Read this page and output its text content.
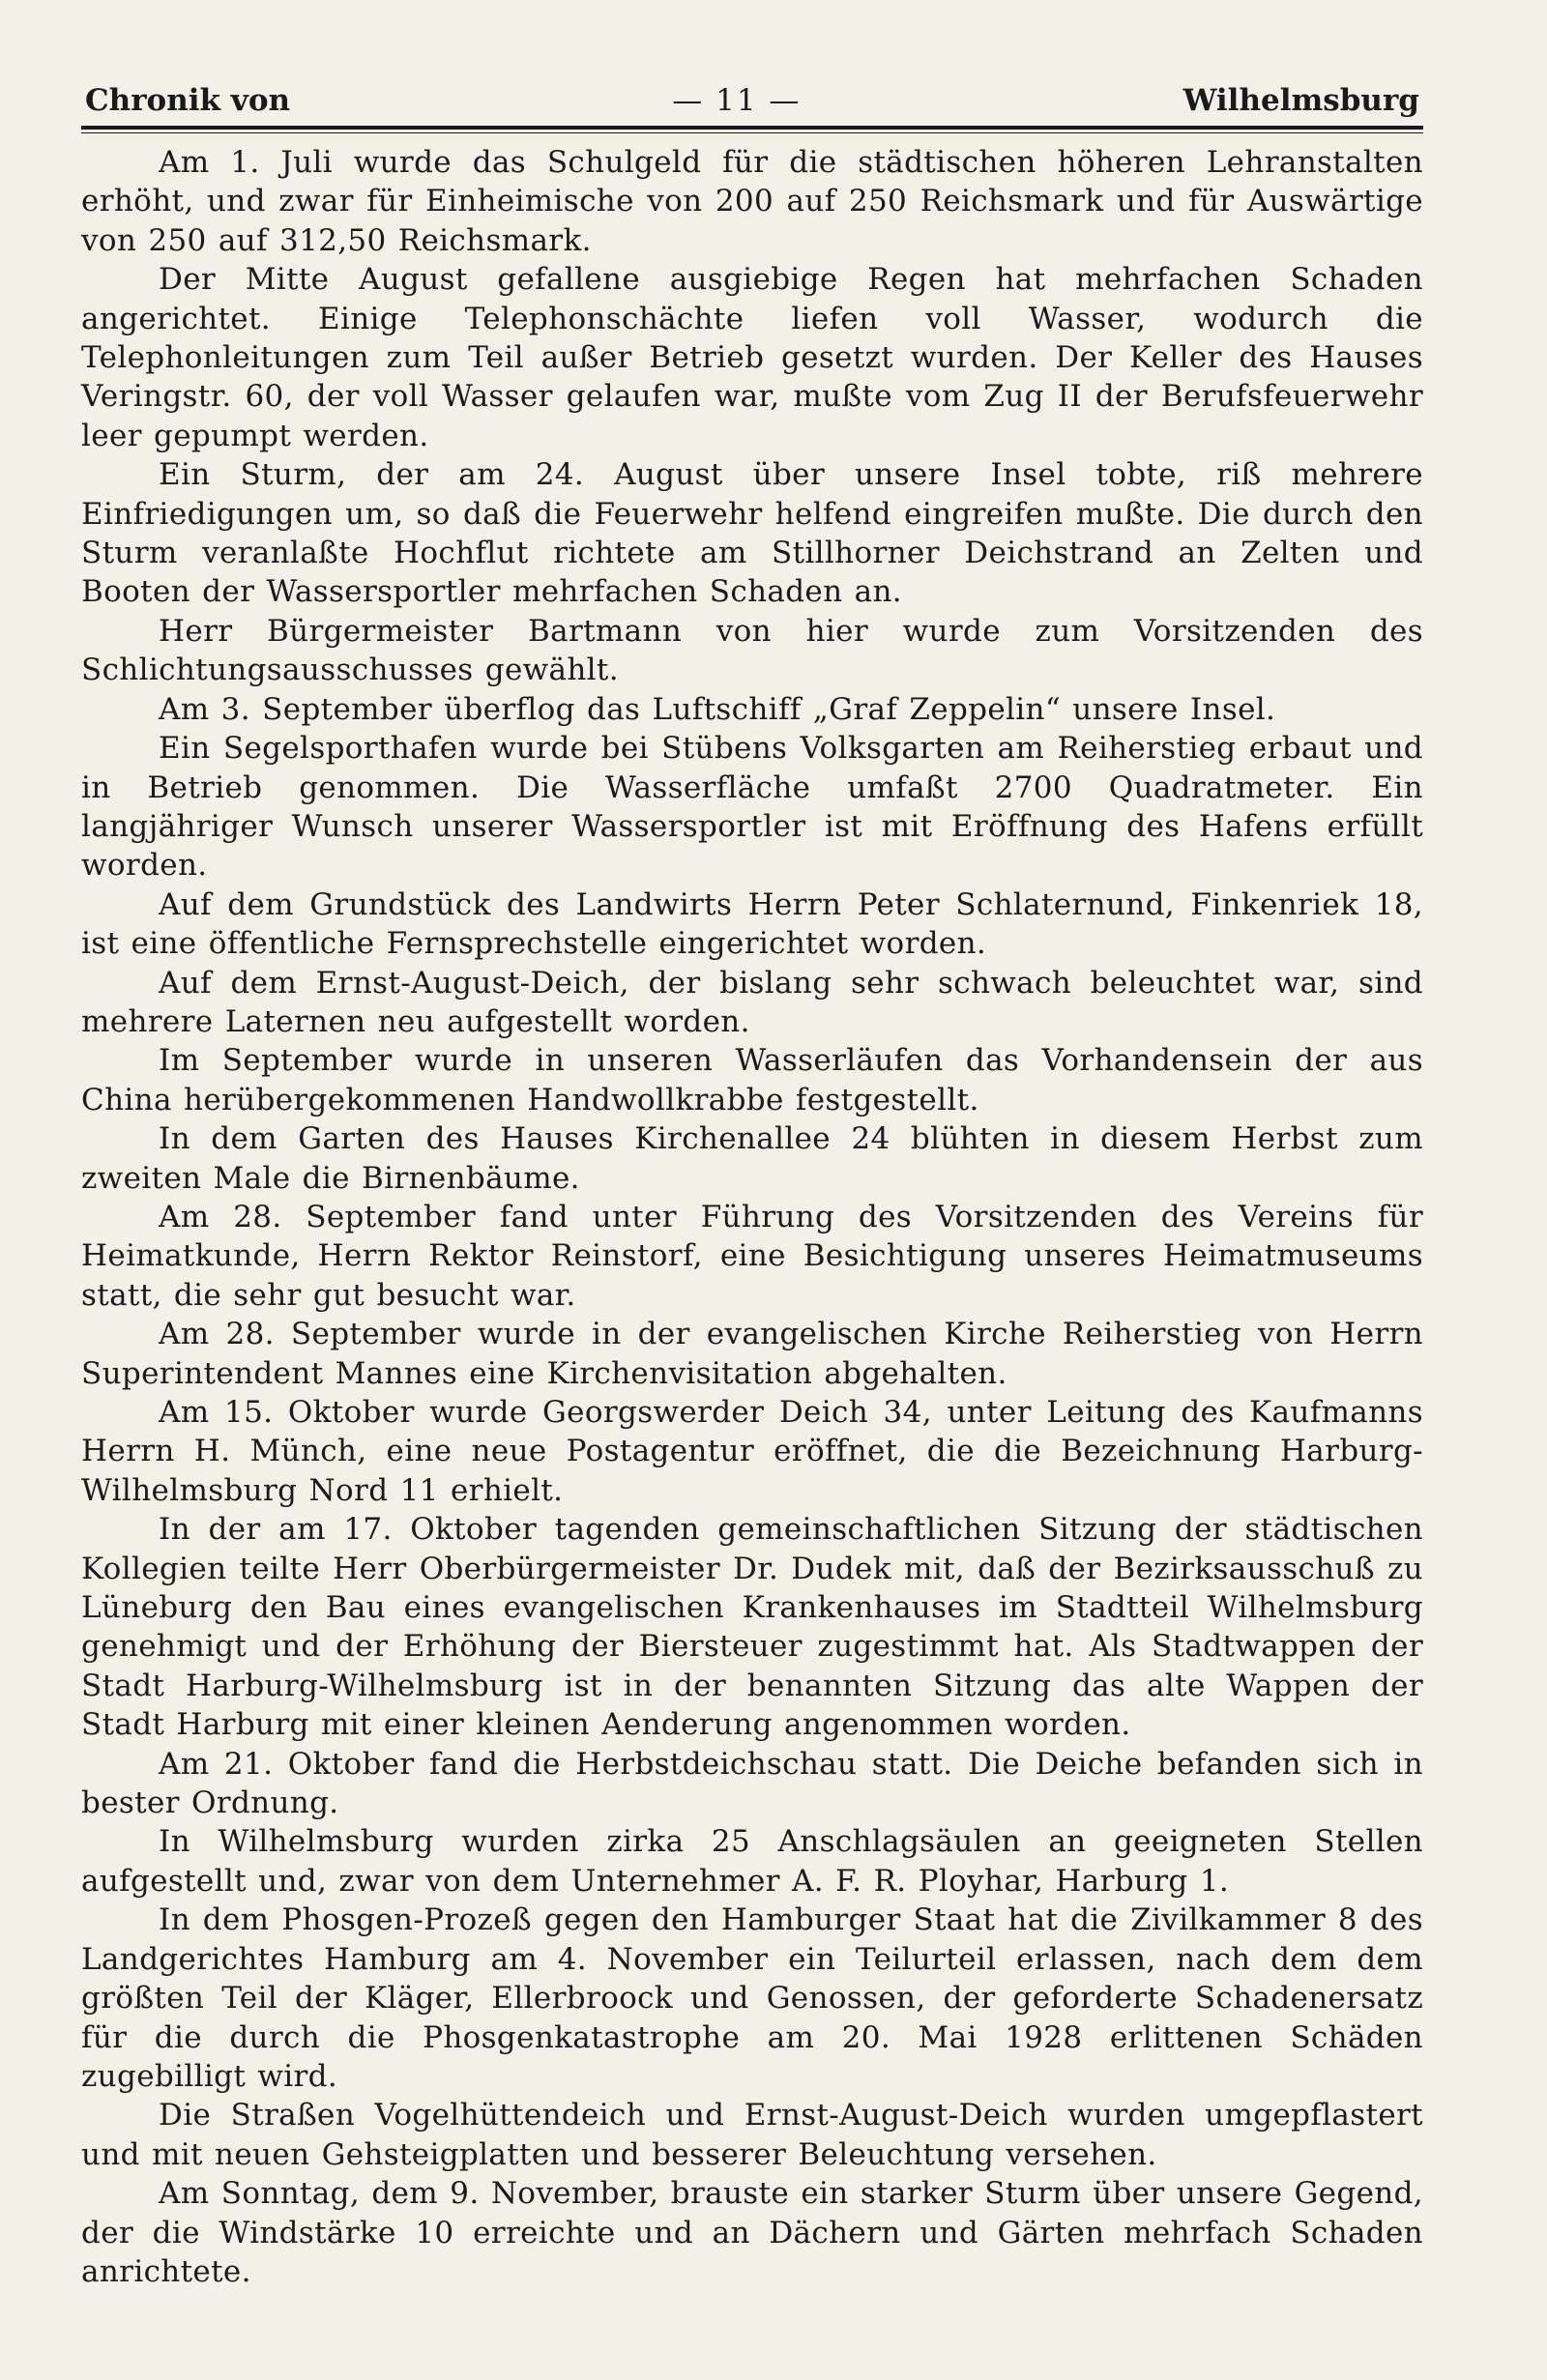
Chronik von	— 11 —	Wilhelmsburg

Am 1. Juli wurde das Schulgeld für die städtischen höheren Lehranstalten erhöht, und zwar für Einheimische von 200 auf 250 Reichsmark und für Auswärtige von 250 auf 312,50 Reichsmark.

Der Mitte August gefallene ausgiebige Regen hat mehrfachen Schaden angerichtet. Einige Telephonschächte liefen voll Wasser, wodurch die Telephonleitungen zum Teil außer Betrieb gesetzt wurden. Der Keller des Hauses Veringstr. 60, der voll Wasser gelaufen war, mußte vom Zug II der Berufsfeuerwehr leer gepumpt werden.

Ein Sturm, der am 24. August über unsere Insel tobte, riß mehrere Einfriedigungen um, so daß die Feuerwehr helfend eingreifen mußte. Die durch den Sturm veranlaßte Hochflut richtete am Stillhorner Deichstrand an Zelten und Booten der Wassersportler mehrfachen Schaden an.

Herr Bürgermeister Bartmann von hier wurde zum Vorsitzenden des Schlichtungsausschusses gewählt.

Am 3. September überflog das Luftschiff „Graf Zeppelin“ unsere Insel.

Ein Segelsporthafen wurde bei Stübens Volksgarten am Reiherstieg erbaut und in Betrieb genommen. Die Wasserfläche umfaßt 2700 Quadratmeter. Ein langjähriger Wunsch unserer Wassersportler ist mit Eröffnung des Hafens erfüllt worden.

Auf dem Grundstück des Landwirts Herrn Peter Schlaternund, Finkenriek 18, ist eine öffentliche Fernsprechstelle eingerichtet worden.

Auf dem Ernst-August-Deich, der bislang sehr schwach beleuchtet war, sind mehrere Laternen neu aufgestellt worden.

Im September wurde in unseren Wasserläufen das Vorhandensein der aus China herübergekommenen Handwollkrabbe festgestellt.

In dem Garten des Hauses Kirchenallee 24 blühten in diesem Herbst zum zweiten Male die Birnenbäume.

Am 28. September fand unter Führung des Vorsitzenden des Vereins für Heimatkunde, Herrn Rektor Reinstorf, eine Besichtigung unseres Heimatmuseums statt, die sehr gut besucht war.

Am 28. September wurde in der evangelischen Kirche Reiherstieg von Herrn Superintendent Mannes eine Kirchenvisitation abgehalten.

Am 15. Oktober wurde Georgswerder Deich 34, unter Leitung des Kaufmanns Herrn H. Münch, eine neue Postagentur eröffnet, die die Bezeichnung Harburg-Wilhelmsburg Nord 11 erhielt.

In der am 17. Oktober tagenden gemeinschaftlichen Sitzung der städtischen Kollegien teilte Herr Oberbürgermeister Dr. Dudek mit, daß der Bezirksausschuß zu Lüneburg den Bau eines evangelischen Krankenhauses im Stadtteil Wilhelmsburg genehmigt und der Erhöhung der Biersteuer zugestimmt hat. Als Stadtwappen der Stadt Harburg-Wilhelmsburg ist in der benannten Sitzung das alte Wappen der Stadt Harburg mit einer kleinen Aenderung angenommen worden.

Am 21. Oktober fand die Herbstdeichschau statt. Die Deiche befanden sich in bester Ordnung.

In Wilhelmsburg wurden zirka 25 Anschlagsäulen an geeigneten Stellen aufgestellt und, zwar von dem Unternehmer A. F. R. Ployhar, Harburg 1.

In dem Phosgen-Prozeß gegen den Hamburger Staat hat die Zivilkammer 8 des Landgerichtes Hamburg am 4. November ein Teilurteil erlassen, nach dem dem größten Teil der Kläger, Ellerbroock und Genossen, der geforderte Schadenersatz für die durch die Phosgenkatastrophe am 20. Mai 1928 erlittenen Schäden zugebilligt wird.

Die Straßen Vogelhüttendeich und Ernst-August-Deich wurden umgepflastert und mit neuen Gehsteigplatten und besserer Beleuchtung versehen.

Am Sonntag, dem 9. November, brauste ein starker Sturm über unsere Gegend, der die Windstärke 10 erreichte und an Dächern und Gärten mehrfach Schaden anrichtete.
